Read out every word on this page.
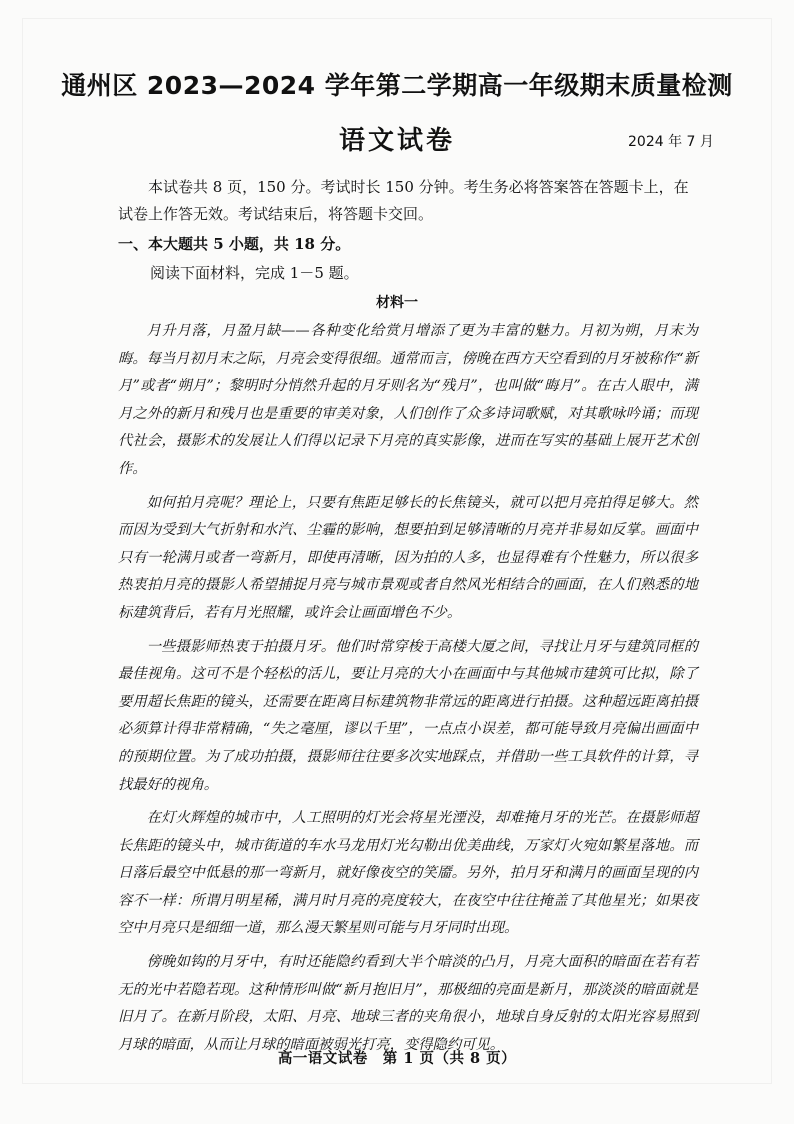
通州区 2023—2024 学年第二学期高一年级期末质量检测
语文试卷	2024 年 7 月

本试卷共 8 页，150 分。考试时长 150 分钟。考生务必将答案答在答题卡上，在试卷上作答无效。考试结束后，将答题卡交回。

一、本大题共 5 小题，共 18 分。
阅读下面材料，完成 1－5 题。
材料一

月升月落，月盈月缺——各种变化给赏月增添了更为丰富的魅力。月初为朔，月末为晦。每当月初月末之际，月亮会变得很细。通常而言，傍晚在西方天空看到的月牙被称作“新月”或者“朔月”；黎明时分悄然升起的月牙则名为“残月”，也叫做“晦月”。在古人眼中，满月之外的新月和残月也是重要的审美对象，人们创作了众多诗词歌赋，对其歌咏吟诵；而现代社会，摄影术的发展让人们得以记录下月亮的真实影像，进而在写实的基础上展开艺术创作。

如何拍月亮呢？理论上，只要有焦距足够长的长焦镜头，就可以把月亮拍得足够大。然而因为受到大气折射和水汽、尘霾的影响，想要拍到足够清晰的月亮并非易如反掌。画面中只有一轮满月或者一弯新月，即使再清晰，因为拍的人多，也显得难有个性魅力，所以很多热衷拍月亮的摄影人希望捕捉月亮与城市景观或者自然风光相结合的画面，在人们熟悉的地标建筑背后，若有月光照耀，或许会让画面增色不少。

一些摄影师热衷于拍摄月牙。他们时常穿梭于高楼大厦之间，寻找让月牙与建筑同框的最佳视角。这可不是个轻松的活儿，要让月亮的大小在画面中与其他城市建筑可比拟，除了要用超长焦距的镜头，还需要在距离目标建筑物非常远的距离进行拍摄。这种超远距离拍摄必须算计得非常精确，“失之毫厘，谬以千里”，一点点小误差，都可能导致月亮偏出画面中的预期位置。为了成功拍摄，摄影师往往要多次实地踩点，并借助一些工具软件的计算，寻找最好的视角。

在灯火辉煌的城市中，人工照明的灯光会将星光湮没，却难掩月牙的光芒。在摄影师超长焦距的镜头中，城市街道的车水马龙用灯光勾勒出优美曲线，万家灯火宛如繁星落地。而日落后最空中低悬的那一弯新月，就好像夜空的笑靥。另外，拍月牙和满月的画面呈现的内容不一样：所谓月明星稀，满月时月亮的亮度较大，在夜空中往往掩盖了其他星光；如果夜空中月亮只是细细一道，那么漫天繁星则可能与月牙同时出现。

傍晚如钩的月牙中，有时还能隐约看到大半个暗淡的凸月，月亮大面积的暗面在若有若无的光中若隐若现。这种情形叫做“新月抱旧月”，那极细的亮面是新月，那淡淡的暗面就是旧月了。在新月阶段，太阳、月亮、地球三者的夹角很小，地球自身反射的太阳光容易照到月球的暗面，从而让月球的暗面被弱光打亮，变得隐约可见。

高一语文试卷　第 1 页（共 8 页）
